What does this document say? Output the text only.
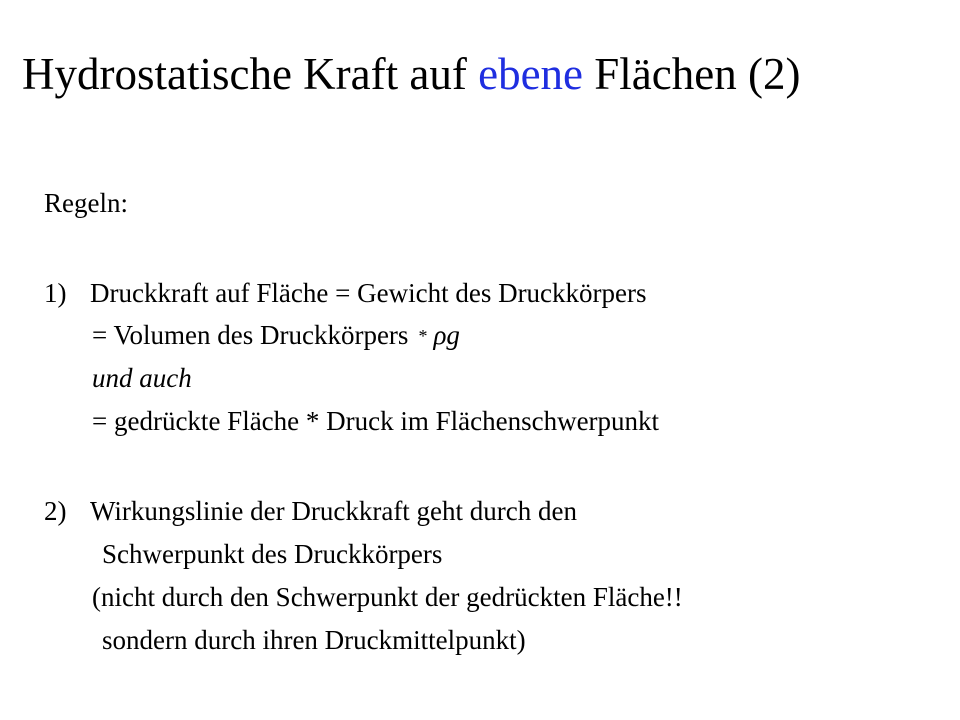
Hydrostatische Kraft auf ebene Flächen (2)
Regeln:
1) Druckkraft auf Fläche = Gewicht des Druckkörpers
= Volumen des Druckkörpers * ρg
und auch
= gedrückte Fläche * Druck im Flächenschwerpunkt
2) Wirkungslinie der Druckkraft geht durch den
Schwerpunkt des Druckkörpers
(nicht durch den Schwerpunkt der gedrückten Fläche!!
sondern durch ihren Druckmittelpunkt)
